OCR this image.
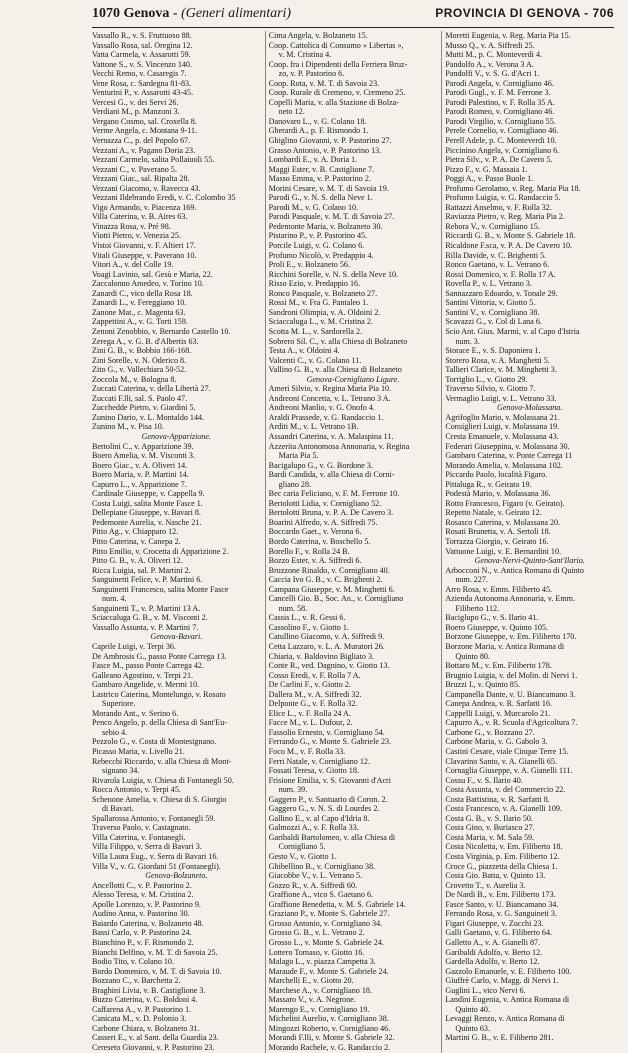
1070 Genova - (Generi alimentari)	PROVINCIA DI GENOVA - 706
Vassallo R., v. S. Fruttuoso 88.
Vassallo Rosa, sal. Oregina 12.
Vatta Carmela, v. Assarotti 59.
Vattone S., v. S. Vincenzo 140.
Vecchi Remo, v. Casaregis 7.
Vene Rosa, c. Sardegna 81-83.
Venturini P., v. Assarotti 43-45.
Vercesi G., v. dei Servi 26.
Verdiani M., p. Manzoni 3.
Vergano Cosmo, sal. Croxella 8.
Verme Angela, c. Montana 9-11.
Vernazza C., p. del Popolo 67.
Vezzani A., v. Pagano Doria 23.
Vezzani Carmelo, salita Pollaiuoli 55.
Vezzani C., v. Paverano 5.
Vezzani Giac., sal. Ripalta 28.
Vezzani Giacomo, v. Ravecca 43.
Vezzani Ildebrando Eredi, v. C. Colombo 35
Vigo Armando, v. Piacenza 169.
Villa Caterina, v. B. Aires 63.
Vinazza Rosa, v. Pré 98.
Viotti Pietro, v. Venezia 25.
Vistoi Giovanni, v. F. Altieri 17.
Vitali Giuseppe, v. Paverano 10.
Vitori A., v. del Colle 19.
Voagi Lavinio, sal. Gesù e Maria, 22.
Zaccalonno Amedeo, v. Torino 10.
Zanardi C., vico della Rosa 18.
Zanardi L., v. Fereggiano 10.
Zanone Mat., c. Magenta 63.
Zappettini A., v. G. Torti 159.
Zenoni Zenobbio, v. Bernardo Castello 10.
Zerega A., v. G. B. d'Albertis 63.
Zini G. B., v. Bobbio 166-168.
Zini Sorelle, v. N. Oderico 8.
Zito G., v. Vallechiara 50-52.
Zoccola M., v. Bologna 8.
Zuccati Caterina, v. della Libertà 27.
Zuccati F.lli, sal. S. Paolo 47.
Zucchedde Pietro, v. Giardini 5.
Zunino Dario, v. L. Montaldo 144.
Zunino M., v. Pisa 10.
Genova-Apparizione.
Bertolini C., v. Apparizione 39.
Boero Amelia, v. M. Visconti 3.
Boero Giac., v. A. Oliveri 14.
Boero Maria, v. P. Martini 14.
Capurro L., v. Apparizione 7.
Cardinale Giuseppe, v. Cappella 9.
Costa Luigi, salita Monte Fasce 1.
Dellepiane Giuseppe, v. Bavari 8.
Pedemonte Aurelia, v. Nasche 21.
Pitto Ag., v. Chiapparo 12.
Pitto Caterina, v. Canepa 2.
Pitto Emilio, v. Crocetta di Apparizione 2.
Pitto G. B., v. A. Oliveri 12.
Ricca Luigia, sal. P. Martini 2.
Sanguinetti Felice, v. P. Martini 6.
Sanguinetti Francesco, salita Monte Fasce
num. 4.
Sanguinetti T., v. P. Martini 13 A.
Sciaccaluga G. B., v. M. Visconti 2.
Vassallo Assunta, v. P. Martini 7.
Genova-Bavari.
Caprile Luigi, v. Terpi 36.
De Ambrosis G., passo Ponte Carrega 13.
Fasce M., passo Ponte Carrega 42.
Galleano Agostino, v. Terpi 21.
Gambaro Angelide, v. Mermi 10.
Lastrico Caterina, Montelungo, v. Rosato
Superiore.
Morando Ant., v. Serino 6.
Penco Angelo, p. della Chiesa di Sant'Eu-
sebio 4.
Pezzolo G., v. Costa di Montesignano.
Picasso Maria, v. Livello 21.
Rebecchi Riccardo, v. alla Chiesa di Mont-
signano 34.
Rivarola Luigia, v. Chiesa di Fontanegli 50.
Rocca Antonio, v. Terpi 45.
Schenone Amelia, v. Chiesa di S. Giorgio
di Bavari.
Spallarossa Antonio, v. Fontanegli 59.
Traverso Paolo, v. Castagnato.
Villa Caterina, v. Fontanegli.
Villa Filippo, v. Serra di Bavari 3.
Villa Laura Eug., v. Serra di Bavari 16.
Villa V., v. G. Giordani 51 (Fontanegli).
Genova-Bolzaneto.
Ancellotti C., v. P. Pastorino 2.
Alesso Teresa, v. M. Cristina 2.
Apolle Lorenzo, v. P. Pastorino 9.
Audino Anna, v. Pastorino 30.
Baiardo Caterina, v. Bolzaneto 48.
Bassi Carlo, v. P. Pastorino 24.
Bianchino P., v. F. Rismondo 2.
Bianchi Delfino, v. M. T. di Savoia 25.
Bodio Tito, v. Colano 10.
Bordo Domenico, v. M. T. di Savoia 10.
Bozzano C., v. Barchetta 2.
Braghini Livia, v. B. Castiglione 3.
Buzzo Caterina, v. C. Boldoni 4.
Caffarena A., v. P. Pastorino 1.
Canicata M., v. D. Polonio 3.
Carbone Chiara, v. Bolzaneto 31.
Casseri E., v. al Sant. della Guardia 23.
Cereseto Giovanni, v. P. Pastorino 23.
Cima Angela, v. Bolzaneto 15.
Coop. Cattolica di Consumo « Libertas »,
v. M. Cristina 4.
Coop. fra i Dipendenti della Ferriera Bruz-
zo, v. P. Pastorino 6.
Coop. Rota, v. M. T. di Savoia 23.
Coop. Rurale di Cremeno, v. Cremeno 25.
Copelli Maria, v. alla Stazione di Bolza-
neto 12.
Danovaro L., v. G. Colano 18.
Gherardi A., p. F. Rismondo 1.
Ghiglino Giovanni, v. P. Pastorino 27.
Grasso Antonio, v. P. Pastorino 13.
Lombardi E., v. A. Doria 1.
Maggi Ester, v. B. Castiglione 7.
Masso Emma, v. P. Pastorino 2.
Morini Cesare, v. M. T. di Savoia 19.
Parodi G., v. N. S. della Neve 1.
Parodi M., v. G. Colano 10.
Parodi Pasquale, v. M. T. di Savoia 27.
Pedemonte Maria, v. Bolzaneto 30.
Pistarino P., v. P. Pastorino 45.
Porcile Luigi, v. G. Colano 6.
Profumo Nicolò, v. Predappio 4.
Proli E., v. Bolzaneto 56.
Ricchini Sorelle, v. N. S. della Neve 10.
Risso Ezio, v. Predappio 16.
Ronco Pasquale, v. Bolzaneto 27.
Rossi M., v. Fra G. Pantaleo 1.
Sandroni Olimpia, v. A. Oldoini 2.
Sciaccaluga L., v. M. Cristina 2.
Scotta M. L., v. Sardorella 2.
Sobrero Sil. C., v. alla Chiesa di Bolzaneto
Testa A., v. Oldoini 4.
Valcenti C., v. G. Colano 11.
Vallino G. B., v. alla Chiesa di Bolzaneto
Genova-Cornigliano Ligure.
Ameri Silvio, v. Regina Maria Pia 10.
Andreoni Concetta, v. L. Tetrano 3 A.
Andreoni Manlio, v. G. Onofo 4.
Araldi Prassede, v. G. Randaccio 1.
Arditi M., v. L. Vetrano 1B.
Assandri Caterina, v. A. Malaspina 11.
Azzerita Antonomosa Annonaria, v. Regina
Maria Pia 5.
Bacigalupo G., v. G. Bordone 3.
Bardi Candida, v. alla Chiesa di Corni-
gliano 28.
Bec caria Feliciano, v. F. M. Ferrone 10.
Bertolotti Lidia, v. Cornigliano 52.
Bertolotti Bruna, v. P. A. De Cavero 3.
Boarini Alfredo, v. A. Siffredi 75.
Boccardo Gaet., v. Verona 6.
Bordo Caterina, v. Boschello 5.
Borello F., v. Rolla 24 B.
Bozzo Ester, v. A. Siffredi 6.
Bruzzone Rinaldo, v. Cornigliano 40.
Caccia Ivo G. B., v. C. Brighenti 2.
Campana Giuseppe, v. M. Minghetti 6.
Cancelli Gio. B., Soc. An., v. Cornigliano
num. 58.
Cassis L., v. R. Gessi 6.
Cassolino F., v. Giotto 1.
Catullino Giacomo, v. A. Siffredi 9.
Cetta Lazzaro, v. L. A. Muratori 26.
Chiaria, v. Baldovino Bigliato 3.
Conte R., ved. Dagnino, v. Giotto 13.
Cosso Eredi, v. F. Rolla 7 A.
De Carlini F., v. Giotto 2.
Dallera M., v. A. Siffredi 32.
Delponte G., v. F. Rolla 32.
Elice L., v. F. Rolla 24 A.
Facce M., v. L. Dufour, 2.
Fassolio Ernesto, v. Cornigliano 54.
Ferrando G., v. Monte S. Gabriele 23.
Foco M., v. F. Rolla 33.
Ferri Natale, v. Cornigliano 12.
Fossati Teresa, v. Giotto 18.
Frisione Emilia, v. S. Giovanni d'Acri
num. 39.
Gaggero P., v. Santuario di Coron. 2.
Gaggero G., v. N. S. di Lourdes 2.
Gallino E., v. al Capo d'Idria 8.
Galmozzi A., v. F. Rolla 33.
Garibaldi Bartolomeo, v. alla Chiesa di
Cornigliano 5.
Gesto V., v. Giotto 1.
Ghibellino B., v. Cornigliano 38.
Giacobbe V., v. L. Vetrano 5.
Gozzo R., v. A. Siffredi 60.
Graffione A., vico S. Gaetano 6.
Graffione Benedetta, v. M. S. Gabriele 14.
Graziano P., v. Monte S. Gabriele 27.
Grosso Antonio, v. Cornigliano 34.
Grosso G. B., v. L. Vetrano 2.
Grosso L., v. Monte S. Gabriele 24.
Lottero Tomaso, v. Giotto 16.
Malago L., v. piazza Campetta 3.
Maraude F., v. Monte S. Gabriele 24.
Marchelli E., v. Giotto 20.
Marchese A., v. Cornigliano 18.
Massaro V., v. A. Negrone.
Marengo E., v. Cornigliano 19.
Michelini Aurelio, v. Cornigliano 38.
Mingozzi Roberto, v. Cornigliano 46.
Morandi F.lli, v. Monte S. Gabriele 32.
Morando Rachele, v. G. Randaccio 2.
Moretti Eugenia, v. Reg. Maria Pia 15.
Musso Q., v. A. Siffredi 25.
Mutti M., p. C. Monteverdi 4.
Pandolfo A., v. Verona 3 A.
Pandolfi V., v. S. G. d'Acri 1.
Parodi Angela, v. Cornigliano 46.
Parodi Gugl., v. F. M. Ferrone 3.
Parodi Palestino, v. F. Rolla 35 A.
Parodi Romeo, v. Cornigliano 46.
Parodi Virgilio, v. Cornigliano 55.
Perele Cornelio, v. Cornigliano 46.
Perell Adele, p. C. Monteverdi 10.
Piccinino Angela, v. Cornigliano 6.
Pietra Silv., v. P. A. De Cavero 5.
Pizzo F., v. G. Massaia 1.
Poggi A., v. Passo Buole 1.
Profumo Gerolamo, v. Reg. Maria Pia 18.
Profumo Luigia, v. G. Randaccio 5.
Rattazzi Anselmo, v. F. Rolla 32.
Raviazza Pietro, v. Reg. Maria Pia 2.
Rebora V., v. Cornigliano 15.
Riccardi G. B., v. Monte S. Gabriele 18.
Ricaldone F.sca, v. P. A. De Cavero 10.
Rilla Davide, v. C. Brighenti 5.
Ronco Gaetano, v. L. Vetrano 6.
Rossi Domenico, v. F. Rolla 17 A.
Rovella P., v. L. Vetrano 3.
Sannazzaro Edoardo, v. Tonale 29.
Santini Vittoria, v. Giotto 5.
Santini V., v. Cornigliano 38.
Scavazzi G., v. Col di Lana 6.
Scio Ant. Gius. Marmi, v. al Capo d'Istria
num. 3.
Storace E., v. S. Daponiera 1.
Storero Rosa, v. A. Manghetti 5.
Tallieri Clarice, v. M. Minghetti 3.
Torriglio L., v. Giotto 29.
Traverso Silvio, v. Giotto 7.
Vermaglio Luigi, v. L. Vetrano 33.
Genova-Molassana.
Agrifoglio Mario, v. Molassana 21.
Consiglieri Luigi, v. Molassana 19.
Cresta Emanuele, v. Molassana 43.
Federari Giuseppina, v. Molassana 30.
Gambaro Caterina, v. Ponte Carrega 11
Morando Amelia, v. Molassana 102.
Piccardo Paolo, località Figaro.
Pittaluga R., v. Geirato 19.
Podestà Mario, v. Molassana 36.
Rotto Francesco, Figaro (v. Geirato).
Repetto Natale, v. Geirato 12.
Rosasco Caterina, v. Molassana 20.
Rosati Brunetta, v. A. Sertoli 18.
Torrazza Giorgio, v. Geirato 16.
Vattuone Luigi, v. E. Bernardini 10.
Genova-Nervi-Quinto-Sant'Ilario.
Arbocconi N., v. Antica Romana di Quinto
num. 227.
Arro Rosa, v. Emm. Filiberto 45.
Azienda Autonoma Annonaria, v. Emm.
Filiberto 112.
Baciglupo G., v. S. Ilario 41.
Boero Giuseppe, v. Quinto 105.
Borzone Giuseppe, v. Em. Filiberto 170.
Borzone Maria, v. Antica Romana di
Quinto 80.
Bottaro M., v. Em. Filiberto 178.
Brugnio Luigia, v. del Molin. di Nervi 1.
Bruzzi I., v. Quinto 85.
Campanella Dante, v. U. Biancamano 3.
Canepa Andrea, v. R. Sarfatti 16.
Cappelli Luigi, v. Murcarolo 21.
Capurro A., v. R. Scuola d'Agricoltura 7.
Carbone G., v. Bozzano 27.
Carbone Maria, v. G. Gabolo 3.
Castini Cesare, viale Cinque Terre 15.
Clavarino Santo, v. A. Gianelli 65.
Cornaglia Giuseppe, v. A. Gianelli 111.
Cossu F., v. S. Ilario 40.
Costa Assunta, v. del Commercio 22.
Costa Battistina, v. R. Sarfatti 8.
Costa Francesco, v. A. Gianelli 109.
Costa G. B., v. S. Ilario 50.
Costa Gino, v. Buriasco 27.
Costa Maria, v. M. Sala 59.
Costa Nicoletta, v. Em. Filiberto 18.
Costa Virginia, p. Em. Filiberto 12.
Croce G., piazzetta della Chiesa 1.
Costa Gio. Batta, v. Quinto 13.
Crovetto T., v. Aurelia 3.
De Nardi B., v. Em. Filiberto 173.
Fasce Santo, v. U. Biancamano 34.
Ferrando Rosa, v. G. Sanguineti 3.
Figari Giuseppe, v. Zucchi 23.
Galli Gaetano, v. G. Filiberto 64.
Galletto A., v. A. Gianelli 87.
Garibaldi Adolfo, v. Berto 12.
Gardella Adolfo, v. Berto 12.
Gazzolo Emanuele, v. E. Filiberto 100.
Giuffrè Carlo, v. Magg. di Nervi 1.
Guglini L., vico Nervi 6.
Landini Eugenia, v. Antica Romana di
Quinto 40.
Levaggi Renzo, v. Antica Romana di
Quinto 63.
Martini G. B., v. E. Filiberto 281.
